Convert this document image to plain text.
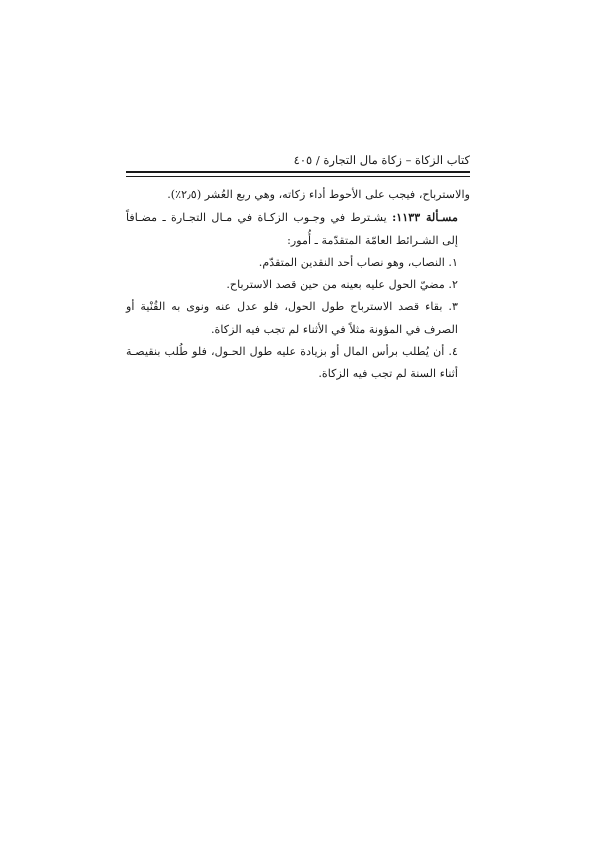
كتاب الزكاة – زكاة مال التجارة / ٤٠٥

والاسترباح، فيجب على الأحوط أداء زكاته، وهي ربع العُشر (٢٫٥٪).

مسـألة ١١٣٣: يشـترط في وجـوب الزكـاة في مـال التجـارة ـ مضـافاً إلى الشـرائط العامّة المتقدّمة ـ أُمور:

١. النصاب، وهو نصاب أحد النقدين المتقدّم.

٢. مضيّ الحول عليه بعينه من حين قصد الاسترباح.

٣. بقاء قصد الاسترباح طول الحول، فلو عدل عنه ونوى به القُنْية أو الصرف في المؤونة مثلاً في الأثناء لم تجب فيه الزكاة.

٤. أن يُطلب برأس المال أو بزيادة عليه طول الحـول، فلو طُلب بنقيصـة أثناء السنة لم تجب فيه الزكاة.
